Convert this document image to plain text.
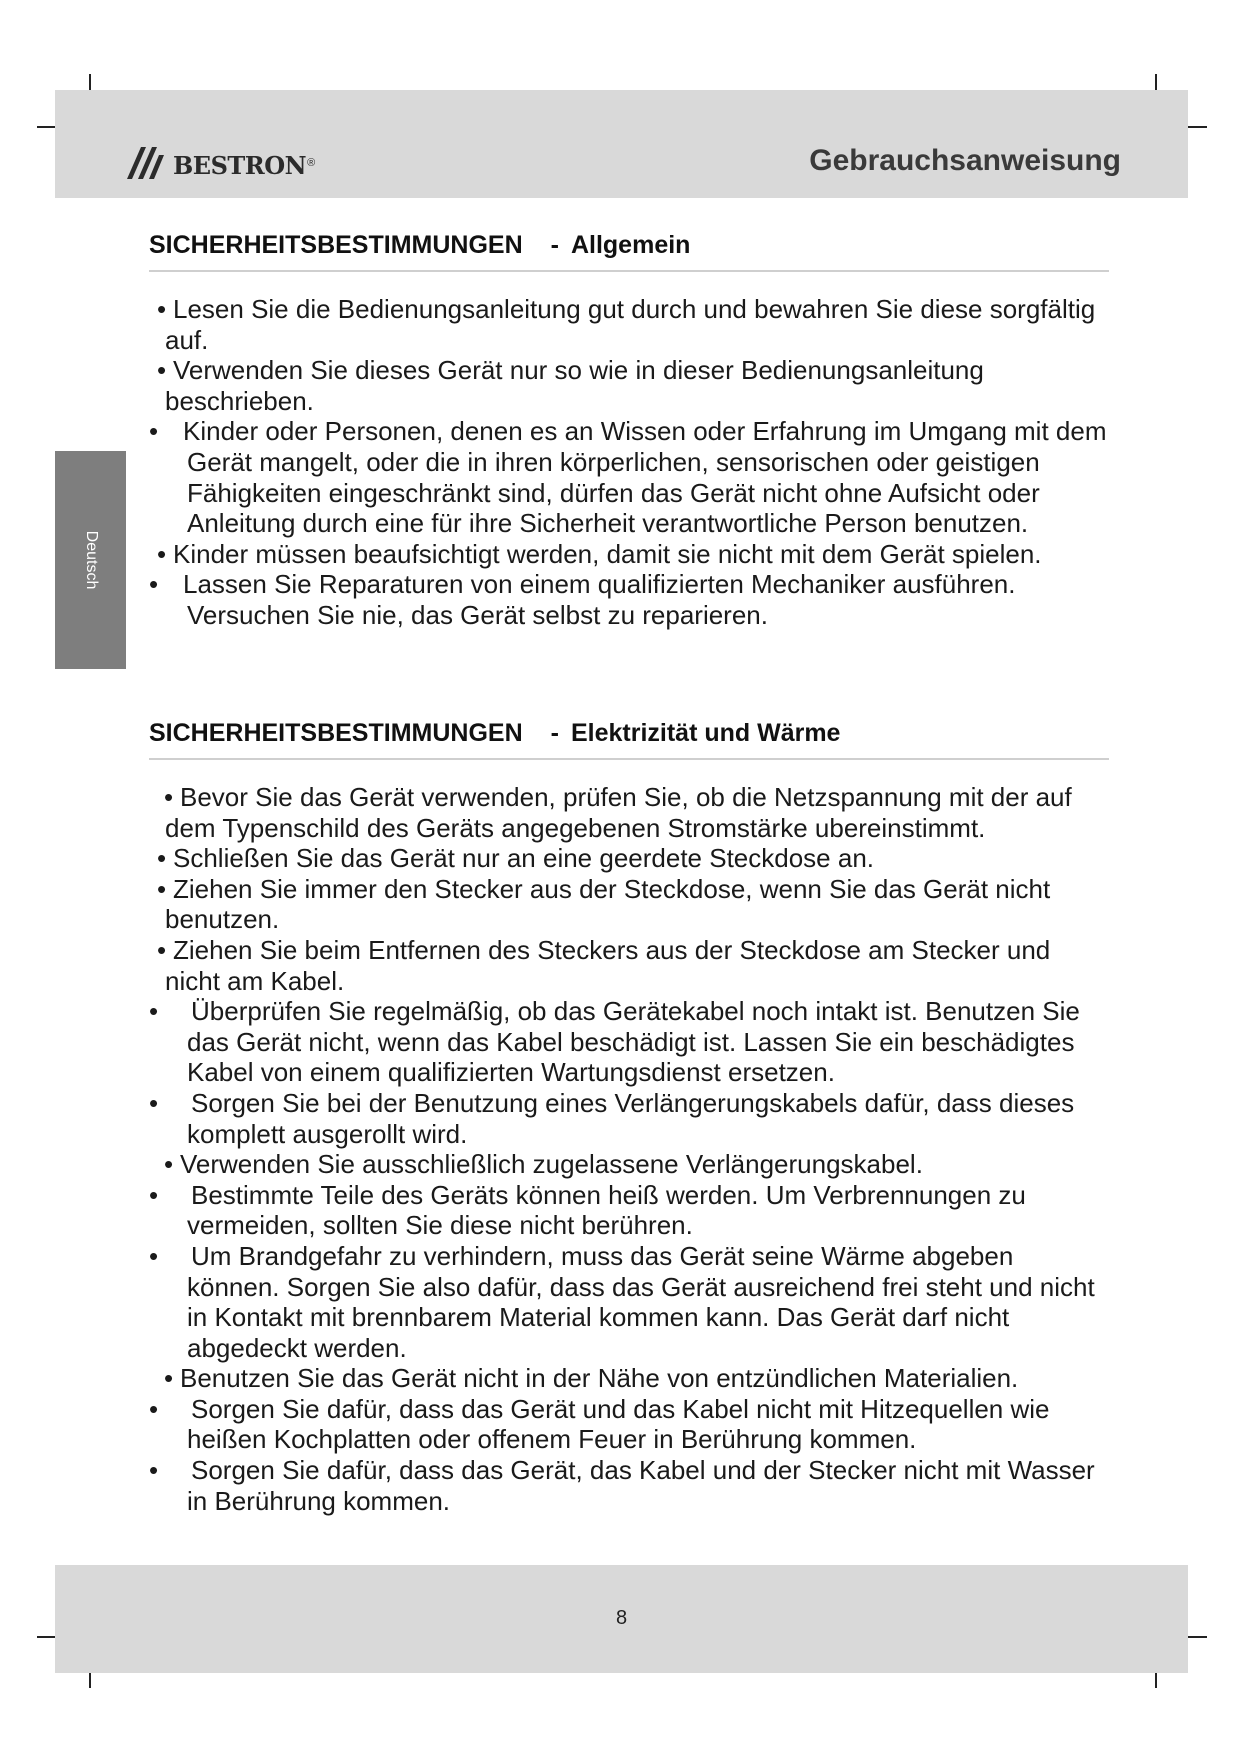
bestron ®	Gebrauchsanweisung
Deutsch
SICHERHEITSBESTIMMUNGEN - Allgemein
• Lesen Sie die Bedienungsanleitung gut durch und bewahren Sie diese sorgfältig auf.
• Verwenden Sie dieses Gerät nur so wie in dieser Bedienungsanleitung beschrieben.
• Kinder oder Personen, denen es an Wissen oder Erfahrung im Umgang mit dem Gerät mangelt, oder die in ihren körperlichen, sensorischen oder geistigen Fähigkeiten eingeschränkt sind, dürfen das Gerät nicht ohne Aufsicht oder Anleitung durch eine für ihre Sicherheit verantwortliche Person benutzen.
• Kinder müssen beaufsichtigt werden, damit sie nicht mit dem Gerät spielen.
• Lassen Sie Reparaturen von einem qualifizierten Mechaniker ausführen. Versuchen Sie nie, das Gerät selbst zu reparieren.
SICHERHEITSBESTIMMUNGEN - Elektrizität und Wärme
• Bevor Sie das Gerät verwenden, prüfen Sie, ob die Netzspannung mit der auf dem Typenschild des Geräts angegebenen Stromstärke ubereinstimmt.
• Schließen Sie das Gerät nur an eine geerdete Steckdose an.
• Ziehen Sie immer den Stecker aus der Steckdose, wenn Sie das Gerät nicht benutzen.
• Ziehen Sie beim Entfernen des Steckers aus der Steckdose am Stecker und nicht am Kabel.
• Überprüfen Sie regelmäßig, ob das Gerätekabel noch intakt ist. Benutzen Sie das Gerät nicht, wenn das Kabel beschädigt ist. Lassen Sie ein beschädigtes Kabel von einem qualifizierten Wartungsdienst ersetzen.
• Sorgen Sie bei der Benutzung eines Verlängerungskabels dafür, dass dieses komplett ausgerollt wird.
• Verwenden Sie ausschließlich zugelassene Verlängerungskabel.
• Bestimmte Teile des Geräts können heiß werden. Um Verbrennungen zu vermeiden, sollten Sie diese nicht berühren.
• Um Brandgefahr zu verhindern, muss das Gerät seine Wärme abgeben können. Sorgen Sie also dafür, dass das Gerät ausreichend frei steht und nicht in Kontakt mit brennbarem Material kommen kann. Das Gerät darf nicht abgedeckt werden.
• Benutzen Sie das Gerät nicht in der Nähe von entzündlichen Materialien.
• Sorgen Sie dafür, dass das Gerät und das Kabel nicht mit Hitzequellen wie heißen Kochplatten oder offenem Feuer in Berührung kommen.
• Sorgen Sie dafür, dass das Gerät, das Kabel und der Stecker nicht mit Wasser in Berührung kommen.
8
